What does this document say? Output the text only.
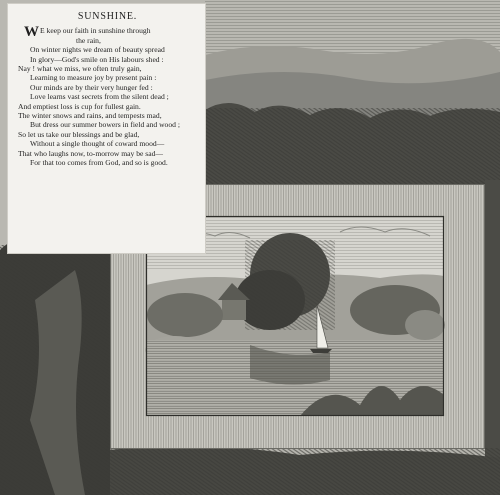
SUNSHINE.
W E keep our faith in sunshine through
the rain,
On winter nights we dream of beauty spread
In glory—God's smile on His labours shed :
Nay ! what we miss, we often truly gain,
Learning to measure joy by present pain :
Our minds are by their very hunger fed :
Love learns vast secrets from the silent dead ;
And emptiest loss is cup for fullest gain.
The winter snows and rains, and tempests mad,
But dress our summer bowers in field and wood ;
So let us take our blessings and be glad,
Without a single thought of coward mood—
That who laughs now, to-morrow may be sad—
For that too comes from God, and so is good.
